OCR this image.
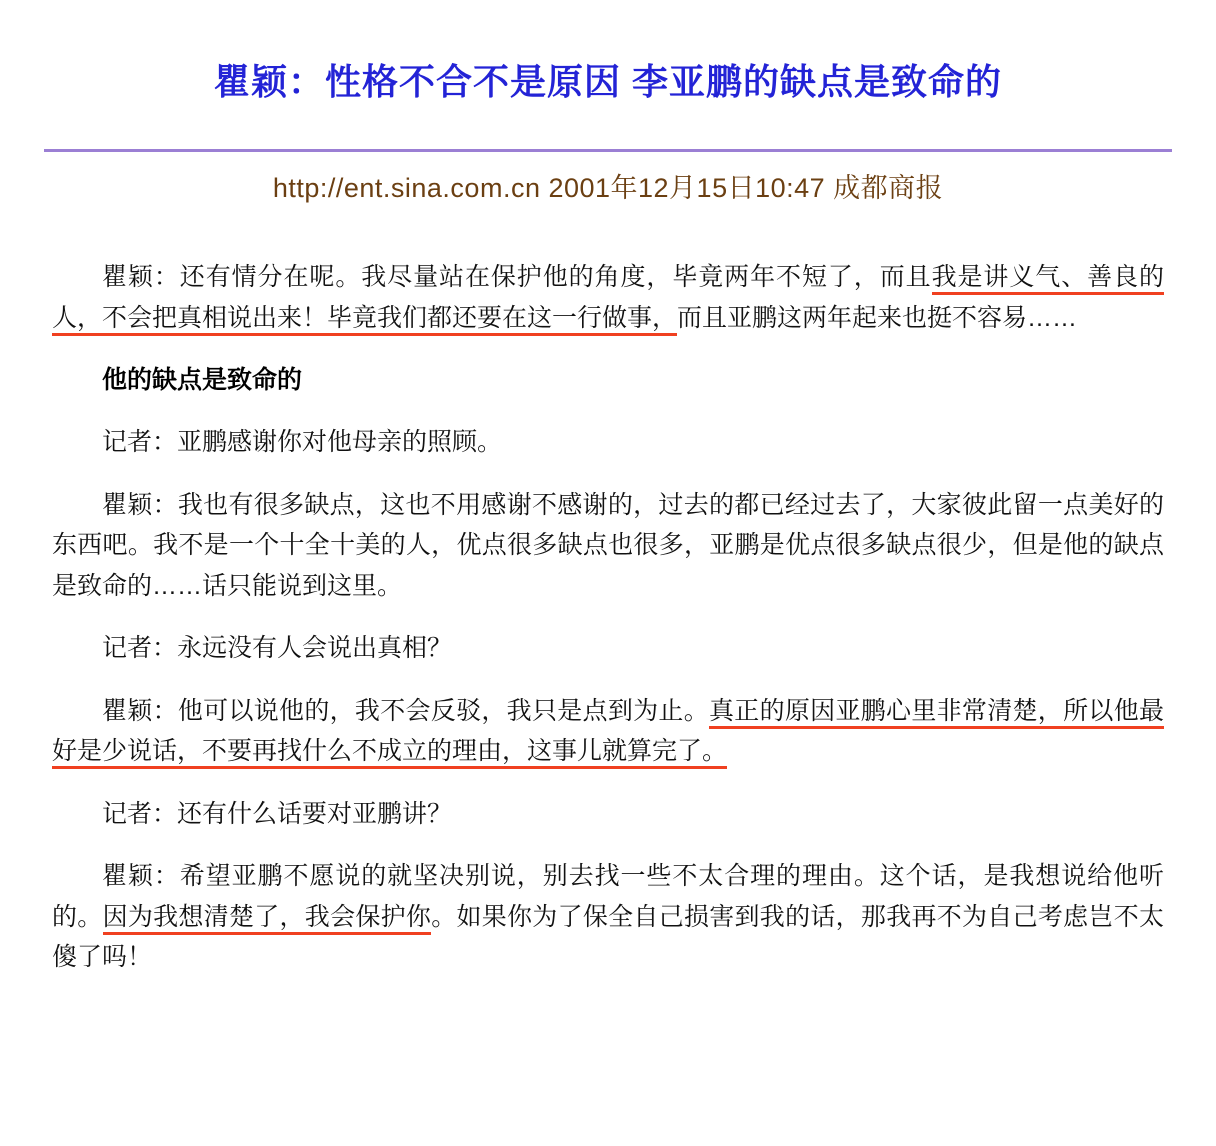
瞿颖：性格不合不是原因 李亚鹏的缺点是致命的
http://ent.sina.com.cn 2001年12月15日10:47 成都商报

瞿颖：还有情分在呢。我尽量站在保护他的角度，毕竟两年不短了，而且我是讲义气、善良的人，不会把真相说出来！毕竟我们都还要在这一行做事，而且亚鹏这两年起来也挺不容易……

他的缺点是致命的

记者：亚鹏感谢你对他母亲的照顾。

瞿颖：我也有很多缺点，这也不用感谢不感谢的，过去的都已经过去了，大家彼此留一点美好的东西吧。我不是一个十全十美的人，优点很多缺点也很多，亚鹏是优点很多缺点很少，但是他的缺点是致命的……话只能说到这里。

记者：永远没有人会说出真相？

瞿颖：他可以说他的，我不会反驳，我只是点到为止。真正的原因亚鹏心里非常清楚，所以他最好是少说话，不要再找什么不成立的理由，这事儿就算完了。

记者：还有什么话要对亚鹏讲？

瞿颖：希望亚鹏不愿说的就坚决别说，别去找一些不太合理的理由。这个话，是我想说给他听的。因为我想清楚了，我会保护你。如果你为了保全自己损害到我的话，那我再不为自己考虑岂不太傻了吗！
